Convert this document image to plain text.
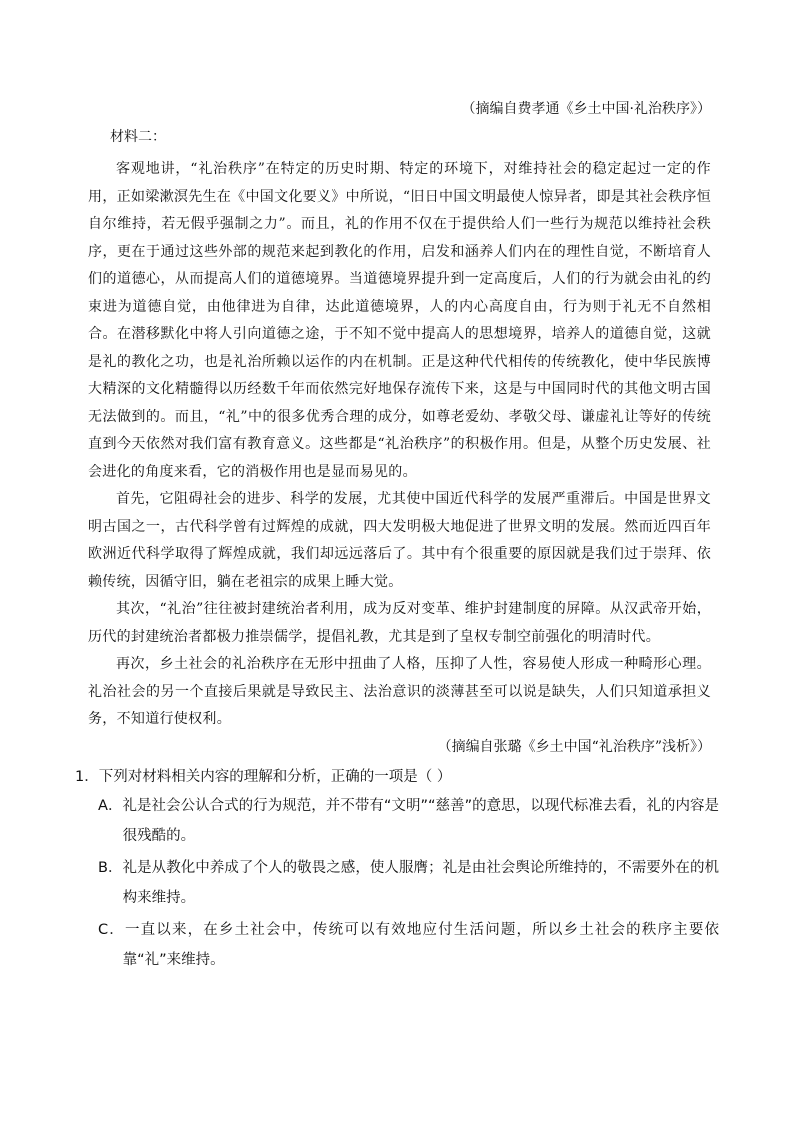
（摘编自费孝通《乡土中国·礼治秩序》）

材料二：

客观地讲，“礼治秩序”在特定的历史时期、特定的环境下，对维持社会的稳定起过一定的作用，正如梁漱溟先生在《中国文化要义》中所说，“旧日中国文明最使人惊异者，即是其社会秩序恒自尔维持，若无假乎强制之力”。而且，礼的作用不仅在于提供给人们一些行为规范以维持社会秩序，更在于通过这些外部的规范来起到教化的作用，启发和涵养人们内在的理性自觉，不断培育人们的道德心，从而提高人们的道德境界。当道德境界提升到一定高度后，人们的行为就会由礼的约束进为道德自觉，由他律进为自律，达此道德境界，人的内心高度自由，行为则于礼无不自然相合。在潜移默化中将人引向道德之途，于不知不觉中提高人的思想境界，培养人的道德自觉，这就是礼的教化之功，也是礼治所赖以运作的内在机制。正是这种代代相传的传统教化，使中华民族博大精深的文化精髓得以历经数千年而依然完好地保存流传下来，这是与中国同时代的其他文明古国无法做到的。而且，“礼”中的很多优秀合理的成分，如尊老爱幼、孝敬父母、谦虚礼让等好的传统直到今天依然对我们富有教育意义。这些都是“礼治秩序”的积极作用。但是，从整个历史发展、社会进化的角度来看，它的消极作用也是显而易见的。

首先，它阻碍社会的进步、科学的发展，尤其使中国近代科学的发展严重滞后。中国是世界文明古国之一，古代科学曾有过辉煌的成就，四大发明极大地促进了世界文明的发展。然而近四百年欧洲近代科学取得了辉煌成就，我们却远远落后了。其中有个很重要的原因就是我们过于崇拜、依赖传统，因循守旧，躺在老祖宗的成果上睡大觉。

其次，“礼治”往往被封建统治者利用，成为反对变革、维护封建制度的屏障。从汉武帝开始，历代的封建统治者都极力推崇儒学，提倡礼教，尤其是到了皇权专制空前强化的明清时代。

再次，乡土社会的礼治秩序在无形中扭曲了人格，压抑了人性，容易使人形成一种畸形心理。礼治社会的另一个直接后果就是导致民主、法治意识的淡薄甚至可以说是缺失，人们只知道承担义务，不知道行使权利。

（摘编自张璐《乡土中国“礼治秩序”浅析》）

1．下列对材料相关内容的理解和分析，正确的一项是（ ）

A．礼是社会公认合式的行为规范，并不带有“文明”“慈善”的意思，以现代标准去看，礼的内容是很残酷的。

B．礼是从教化中养成了个人的敬畏之感，使人服膺；礼是由社会舆论所维持的，不需要外在的机构来维持。

C．一直以来，在乡土社会中，传统可以有效地应付生活问题，所以乡土社会的秩序主要依靠“礼”来维持。
